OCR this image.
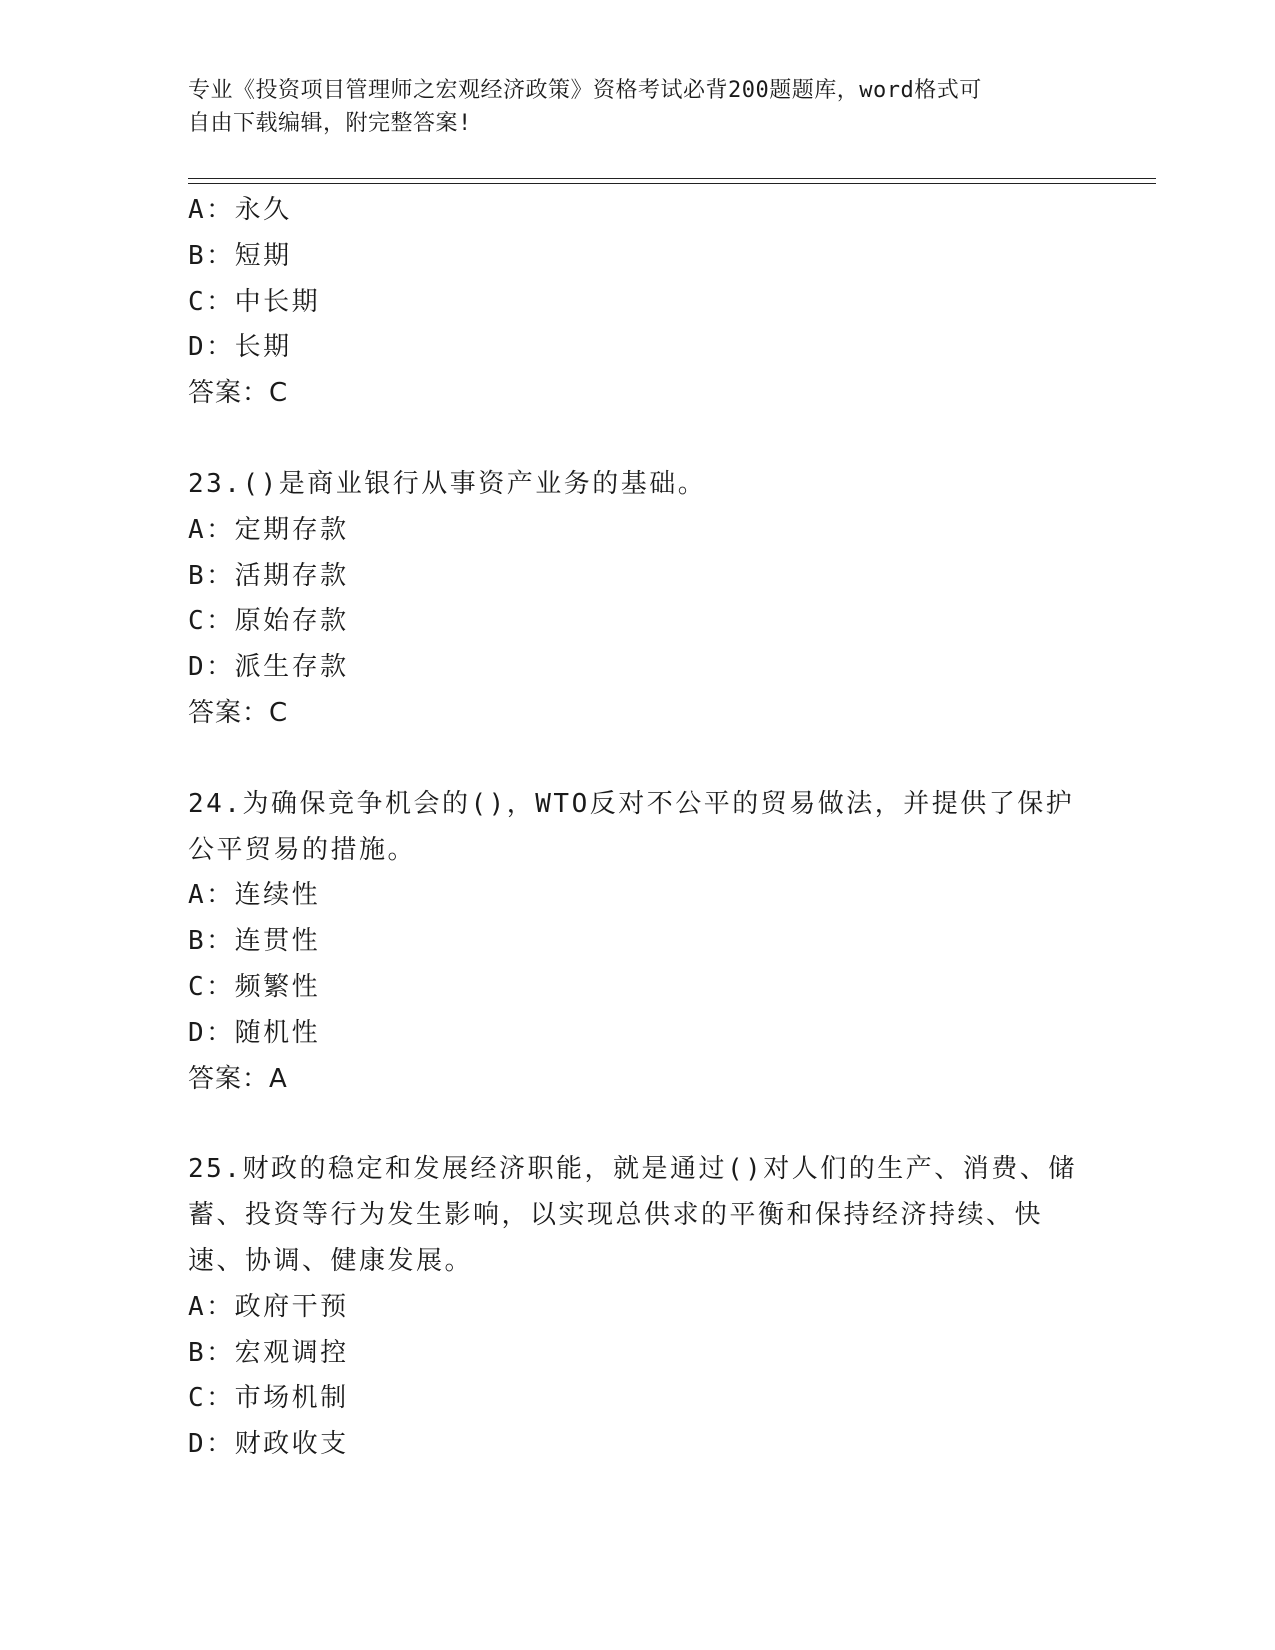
专业《投资项目管理师之宏观经济政策》资格考试必背200题题库，word格式可
自由下载编辑，附完整答案!
A：永久
B：短期
C：中长期
D：长期
答案：C
23.()是商业银行从事资产业务的基础。
A：定期存款
B：活期存款
C：原始存款
D：派生存款
答案：C
24.为确保竞争机会的()，WTO反对不公平的贸易做法，并提供了保护
公平贸易的措施。
A：连续性
B：连贯性
C：频繁性
D：随机性
答案：A
25.财政的稳定和发展经济职能，就是通过()对人们的生产、消费、储
蓄、投资等行为发生影响，以实现总供求的平衡和保持经济持续、快
速、协调、健康发展。
A：政府干预
B：宏观调控
C：市场机制
D：财政收支
